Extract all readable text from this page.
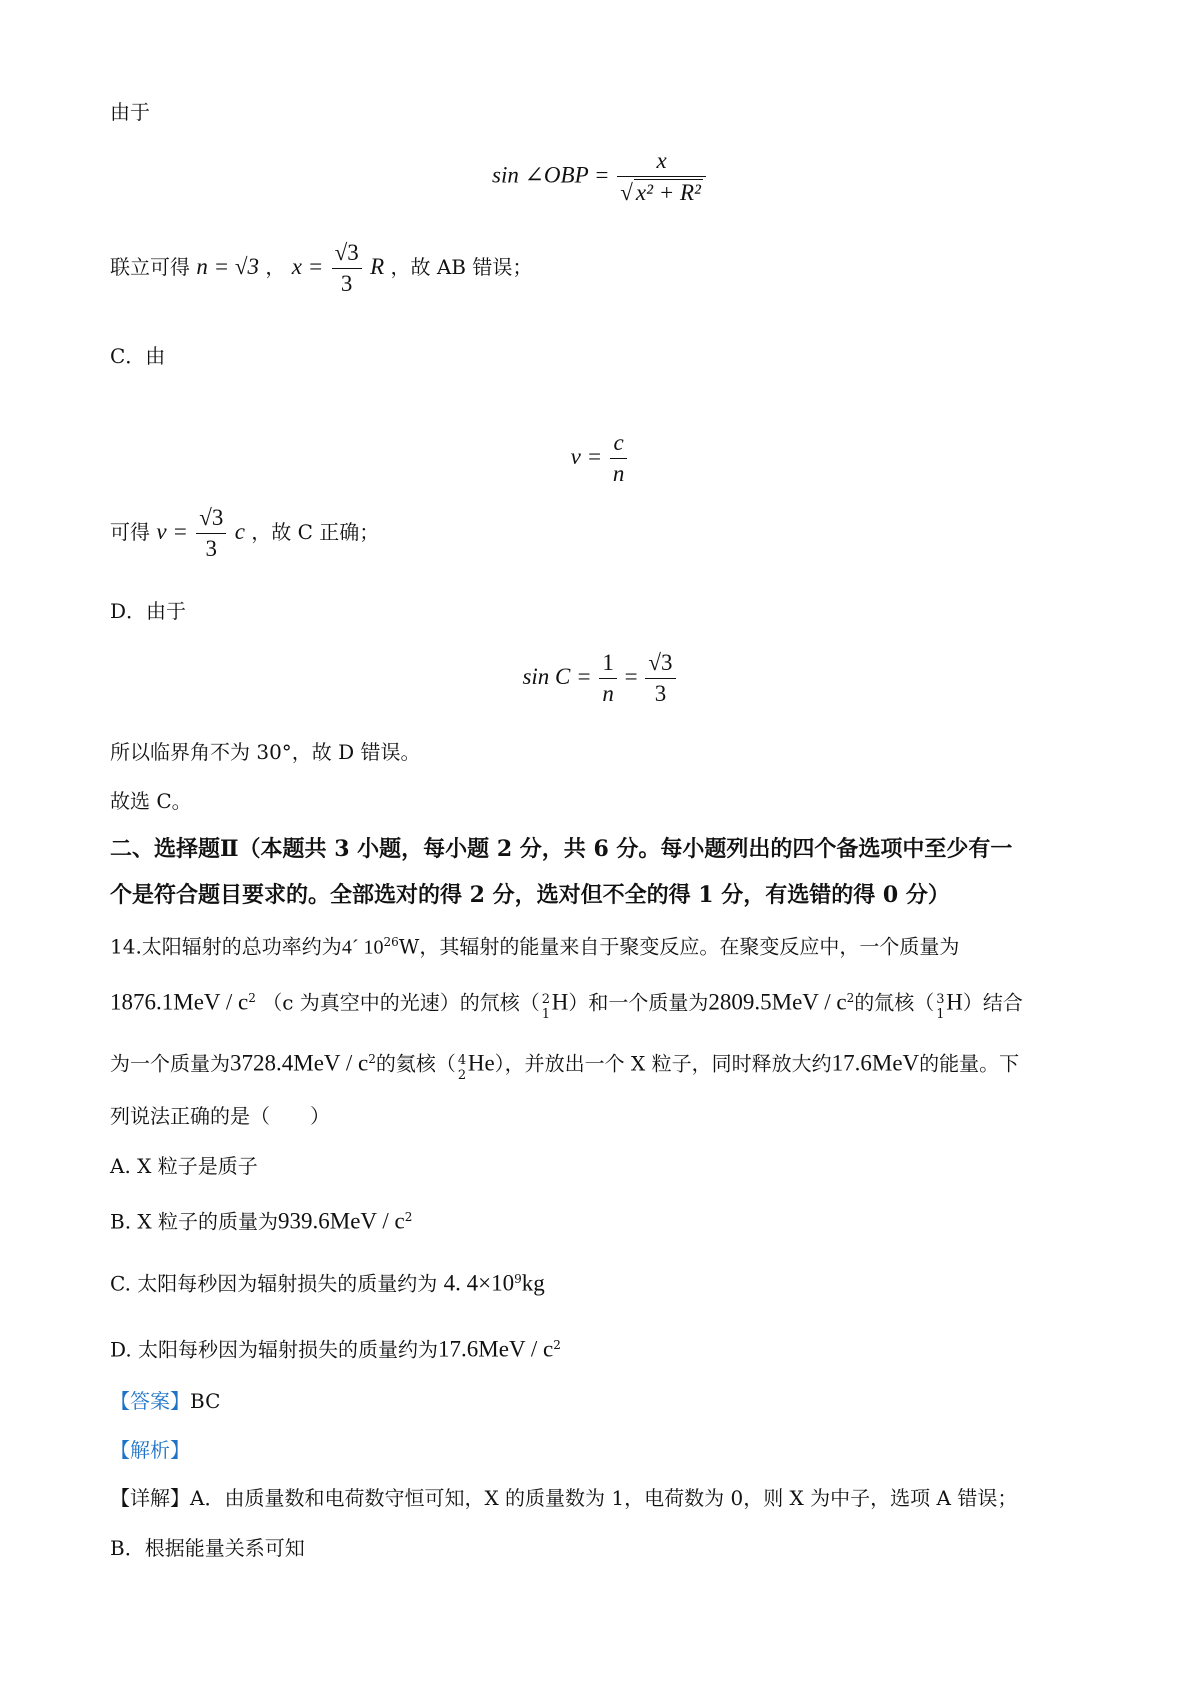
由于
sin ∠OBP = $\frac{x}{\text{√ x² + R²}}$
联立可得 n = √3 ， $x = \frac{√3}{3}$ R ，故 AB 错误；
C．由
$v = \frac{c}{n}$
可得 $v = \frac{√3}{3}$ c ，故 C 正确；
D．由于
$\sin C = \frac{1}{n} = \frac{√3}{3}$
所以临界角不为 30°，故 D 错误。
故选 C。
二、选择题Ⅱ（本题共 3 小题，每小题 2 分，共 6 分。每小题列出的四个备选项中至少有一
个是符合题目要求的。全部选对的得 2 分，选对但不全的得 1 分，有选错的得 0 分）
14.太阳辐射的总功率约为4´ $10^{26}W$，其辐射的能量来自于聚变反应。在聚变反应中，一个质量为
$1876.1MeV / c^2$ （c 为真空中的光速）的氘核（ 2
1 H）和一个质量为$2809.5MeV / c^2$的氚核（ 3
1 H）结合
为一个质量为$3728.4MeV / c^2$的氦核（ 4
2 He），并放出一个 X 粒子，同时释放大约17.6MeV的能量。下
列说法正确的是（　　）
A. X 粒子是质子
B. X 粒子的质量为$939.6MeV / c^2$
C. 太阳每秒因为辐射损失的质量约为 4. $4\times 10^9kg$
D. 太阳每秒因为辐射损失的质量约为$17.6MeV / c^2$
【答案】BC
【解析】
【详解】A．由质量数和电荷数守恒可知，X 的质量数为 1，电荷数为 0，则 X 为中子，选项 A 错误；
B．根据能量关系可知
